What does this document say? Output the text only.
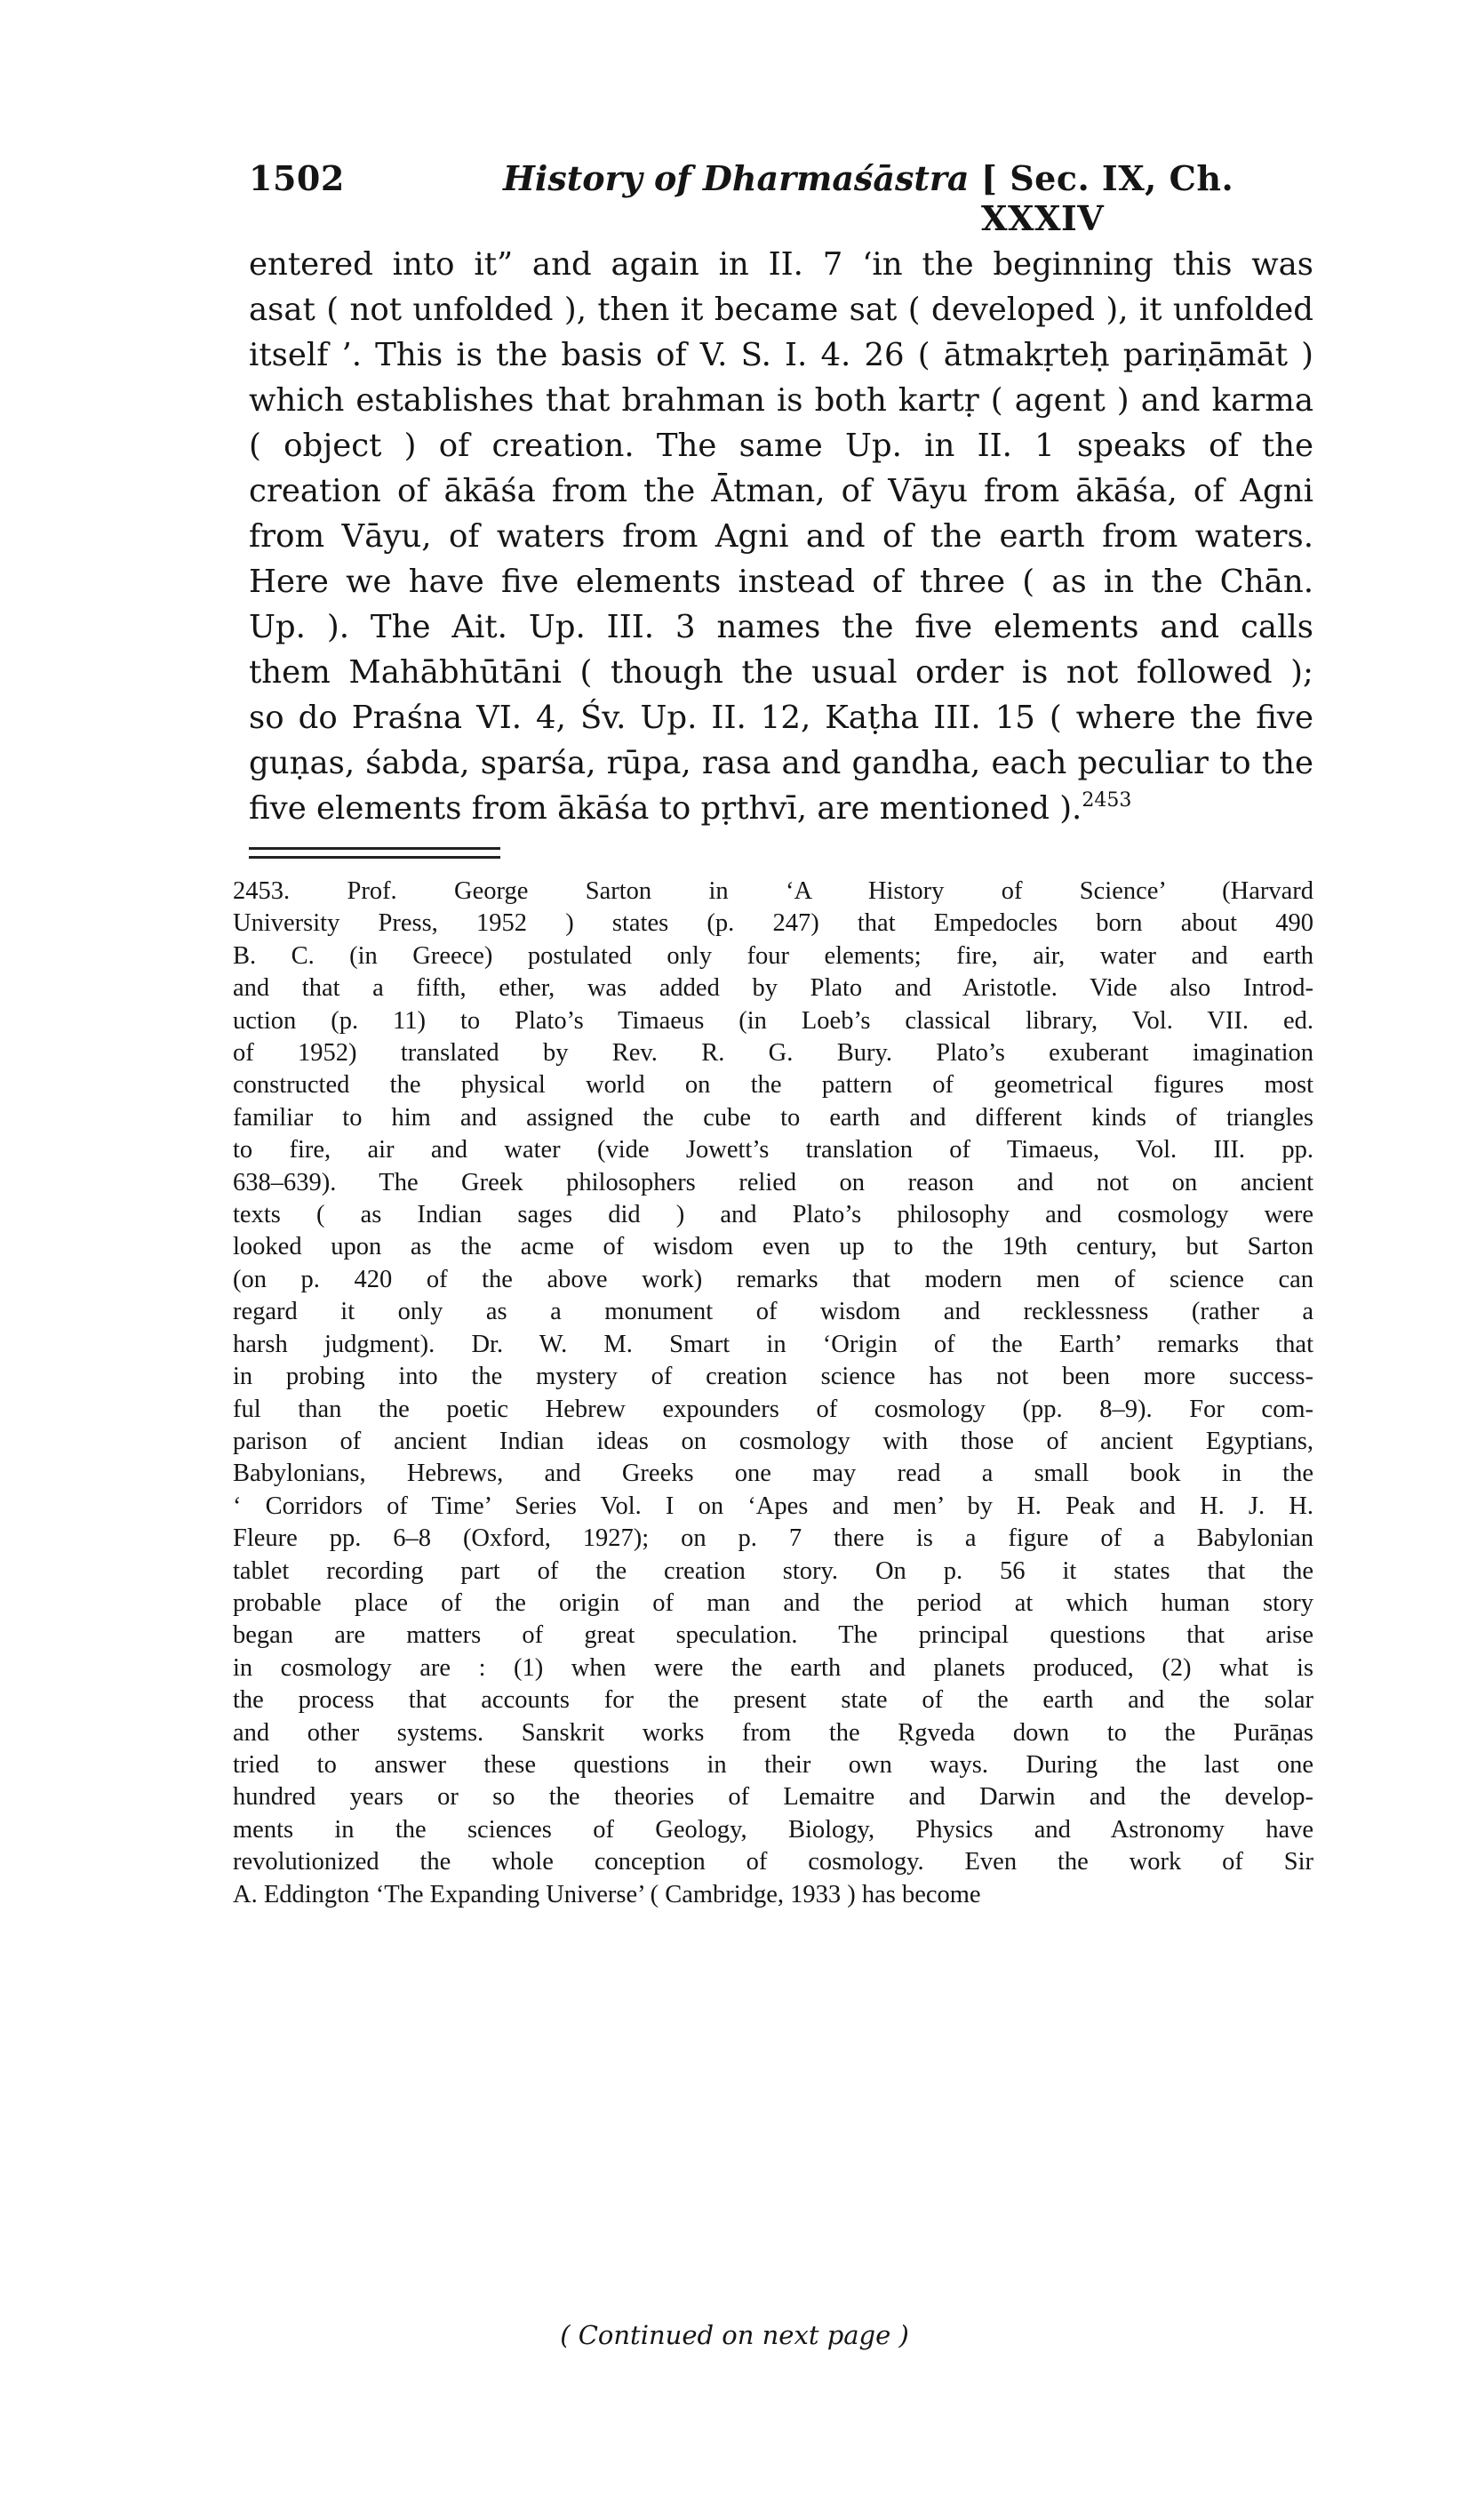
1502	History of Dharmaśāstra [ Sec. IX, Ch. XXXIV
entered into it” and again in II. 7 ‘in the beginning this was
asat ( not unfolded ), then it became sat ( developed ), it unfolded
itself ’. This is the basis of V. S. I. 4. 26 ( ātmakṛteḥ pariṇāmāt )
which establishes that brahman is both kartṛ ( agent ) and karma
( object ) of creation. The same Up. in II. 1 speaks of the
creation of ākāśa from the Ātman, of Vāyu from ākāśa, of Agni
from Vāyu, of waters from Agni and of the earth from waters.
Here we have five elements instead of three ( as in the Chān.
Up. ). The Ait. Up. III. 3 names the five elements and calls
them Mahābhūtāni ( though the usual order is not followed );
so do Praśna VI. 4, Śv. Up. II. 12, Kaṭha III. 15 ( where the five
guṇas, śabda, sparśa, rūpa, rasa and gandha, each peculiar to the
five elements from ākāśa to pṛthvī, are mentioned ).$^{2453}$
2453. Prof. George Sarton in ‘A History of Science’ (Harvard
University Press, 1952 ) states (p. 247) that Empedocles born about 490
B. C. (in Greece) postulated only four elements; fire, air, water and earth
and that a fifth, ether, was added by Plato and Aristotle. Vide also Introd-
uction (p. 11) to Plato’s Timaeus (in Loeb’s classical library, Vol. VII. ed.
of 1952) translated by Rev. R. G. Bury. Plato’s exuberant imagination
constructed the physical world on the pattern of geometrical figures most
familiar to him and assigned the cube to earth and different kinds of triangles
to fire, air and water (vide Jowett’s translation of Timaeus, Vol. III. pp.
638–639). The Greek philosophers relied on reason and not on ancient
texts ( as Indian sages did ) and Plato’s philosophy and cosmology were
looked upon as the acme of wisdom even up to the 19th century, but Sarton
(on p. 420 of the above work) remarks that modern men of science can
regard it only as a monument of wisdom and recklessness (rather a
harsh judgment). Dr. W. M. Smart in ‘Origin of the Earth’ remarks that
in probing into the mystery of creation science has not been more success-
ful than the poetic Hebrew expounders of cosmology (pp. 8–9). For com-
parison of ancient Indian ideas on cosmology with those of ancient Egyptians,
Babylonians, Hebrews, and Greeks one may read a small book in the
‘ Corridors of Time’ Series Vol. I on ‘Apes and men’ by H. Peak and H. J. H.
Fleure pp. 6–8 (Oxford, 1927); on p. 7 there is a figure of a Babylonian
tablet recording part of the creation story. On p. 56 it states that the
probable place of the origin of man and the period at which human story
began are matters of great speculation. The principal questions that arise
in cosmology are : (1) when were the earth and planets produced, (2) what is
the process that accounts for the present state of the earth and the solar
and other systems. Sanskrit works from the Ṛgveda down to the Purāṇas
tried to answer these questions in their own ways. During the last one
hundred years or so the theories of Lemaitre and Darwin and the develop-
ments in the sciences of Geology, Biology, Physics and Astronomy have
revolutionized the whole conception of cosmology. Even the work of Sir
A. Eddington ‘The Expanding Universe’ ( Cambridge, 1933 ) has become
( Continued on next page )
